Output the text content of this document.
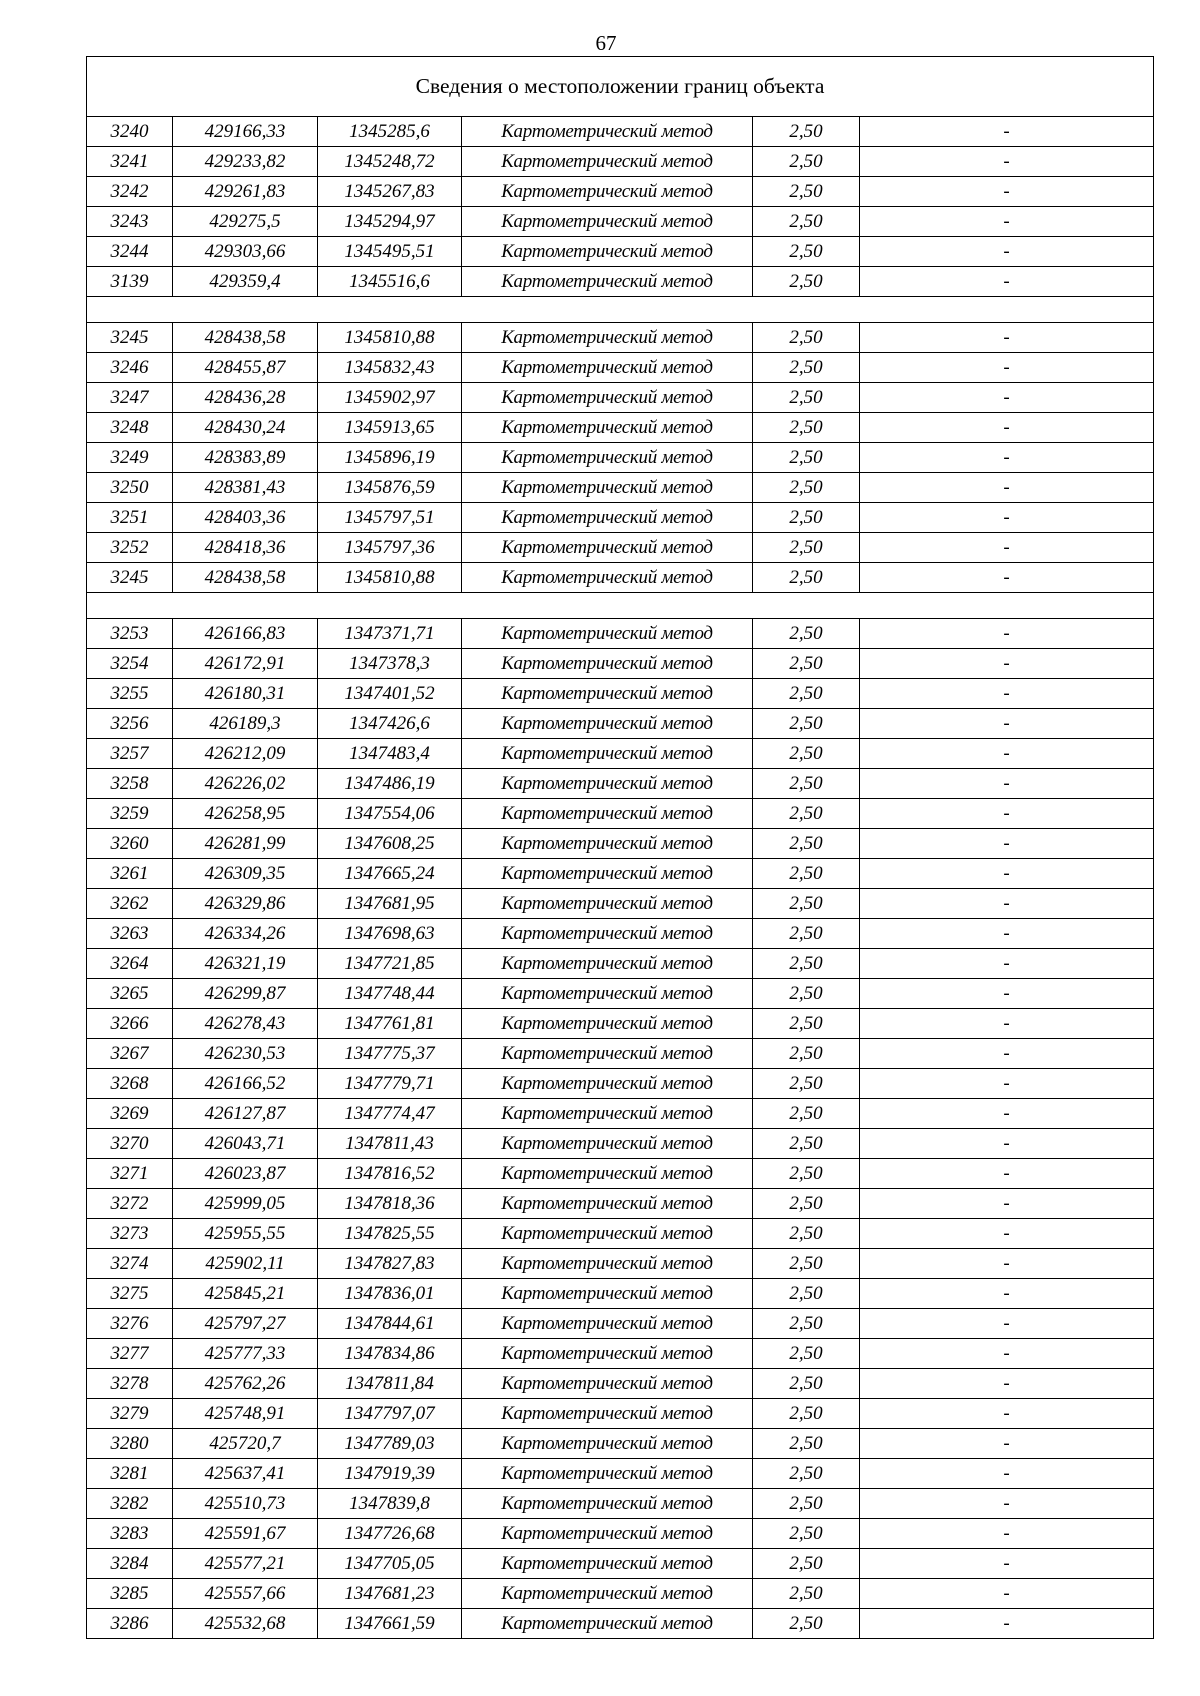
67
Сведения о местоположении границ объекта					
3240	429166,33	1345285,6	Картометрический метод	2,50	-
3241	429233,82	1345248,72	Картометрический метод	2,50	-
3242	429261,83	1345267,83	Картометрический метод	2,50	-
3243	429275,5	1345294,97	Картометрический метод	2,50	-
3244	429303,66	1345495,51	Картометрический метод	2,50	-
3139	429359,4	1345516,6	Картометрический метод	2,50	-

3245	428438,58	1345810,88	Картометрический метод	2,50	-
3246	428455,87	1345832,43	Картометрический метод	2,50	-
3247	428436,28	1345902,97	Картометрический метод	2,50	-
3248	428430,24	1345913,65	Картометрический метод	2,50	-
3249	428383,89	1345896,19	Картометрический метод	2,50	-
3250	428381,43	1345876,59	Картометрический метод	2,50	-
3251	428403,36	1345797,51	Картометрический метод	2,50	-
3252	428418,36	1345797,36	Картометрический метод	2,50	-
3245	428438,58	1345810,88	Картометрический метод	2,50	-

3253	426166,83	1347371,71	Картометрический метод	2,50	-
3254	426172,91	1347378,3	Картометрический метод	2,50	-
3255	426180,31	1347401,52	Картометрический метод	2,50	-
3256	426189,3	1347426,6	Картометрический метод	2,50	-
3257	426212,09	1347483,4	Картометрический метод	2,50	-
3258	426226,02	1347486,19	Картометрический метод	2,50	-
3259	426258,95	1347554,06	Картометрический метод	2,50	-
3260	426281,99	1347608,25	Картометрический метод	2,50	-
3261	426309,35	1347665,24	Картометрический метод	2,50	-
3262	426329,86	1347681,95	Картометрический метод	2,50	-
3263	426334,26	1347698,63	Картометрический метод	2,50	-
3264	426321,19	1347721,85	Картометрический метод	2,50	-
3265	426299,87	1347748,44	Картометрический метод	2,50	-
3266	426278,43	1347761,81	Картометрический метод	2,50	-
3267	426230,53	1347775,37	Картометрический метод	2,50	-
3268	426166,52	1347779,71	Картометрический метод	2,50	-
3269	426127,87	1347774,47	Картометрический метод	2,50	-
3270	426043,71	1347811,43	Картометрический метод	2,50	-
3271	426023,87	1347816,52	Картометрический метод	2,50	-
3272	425999,05	1347818,36	Картометрический метод	2,50	-
3273	425955,55	1347825,55	Картометрический метод	2,50	-
3274	425902,11	1347827,83	Картометрический метод	2,50	-
3275	425845,21	1347836,01	Картометрический метод	2,50	-
3276	425797,27	1347844,61	Картометрический метод	2,50	-
3277	425777,33	1347834,86	Картометрический метод	2,50	-
3278	425762,26	1347811,84	Картометрический метод	2,50	-
3279	425748,91	1347797,07	Картометрический метод	2,50	-
3280	425720,7	1347789,03	Картометрический метод	2,50	-
3281	425637,41	1347919,39	Картометрический метод	2,50	-
3282	425510,73	1347839,8	Картометрический метод	2,50	-
3283	425591,67	1347726,68	Картометрический метод	2,50	-
3284	425577,21	1347705,05	Картометрический метод	2,50	-
3285	425557,66	1347681,23	Картометрический метод	2,50	-
3286	425532,68	1347661,59	Картометрический метод	2,50	-
